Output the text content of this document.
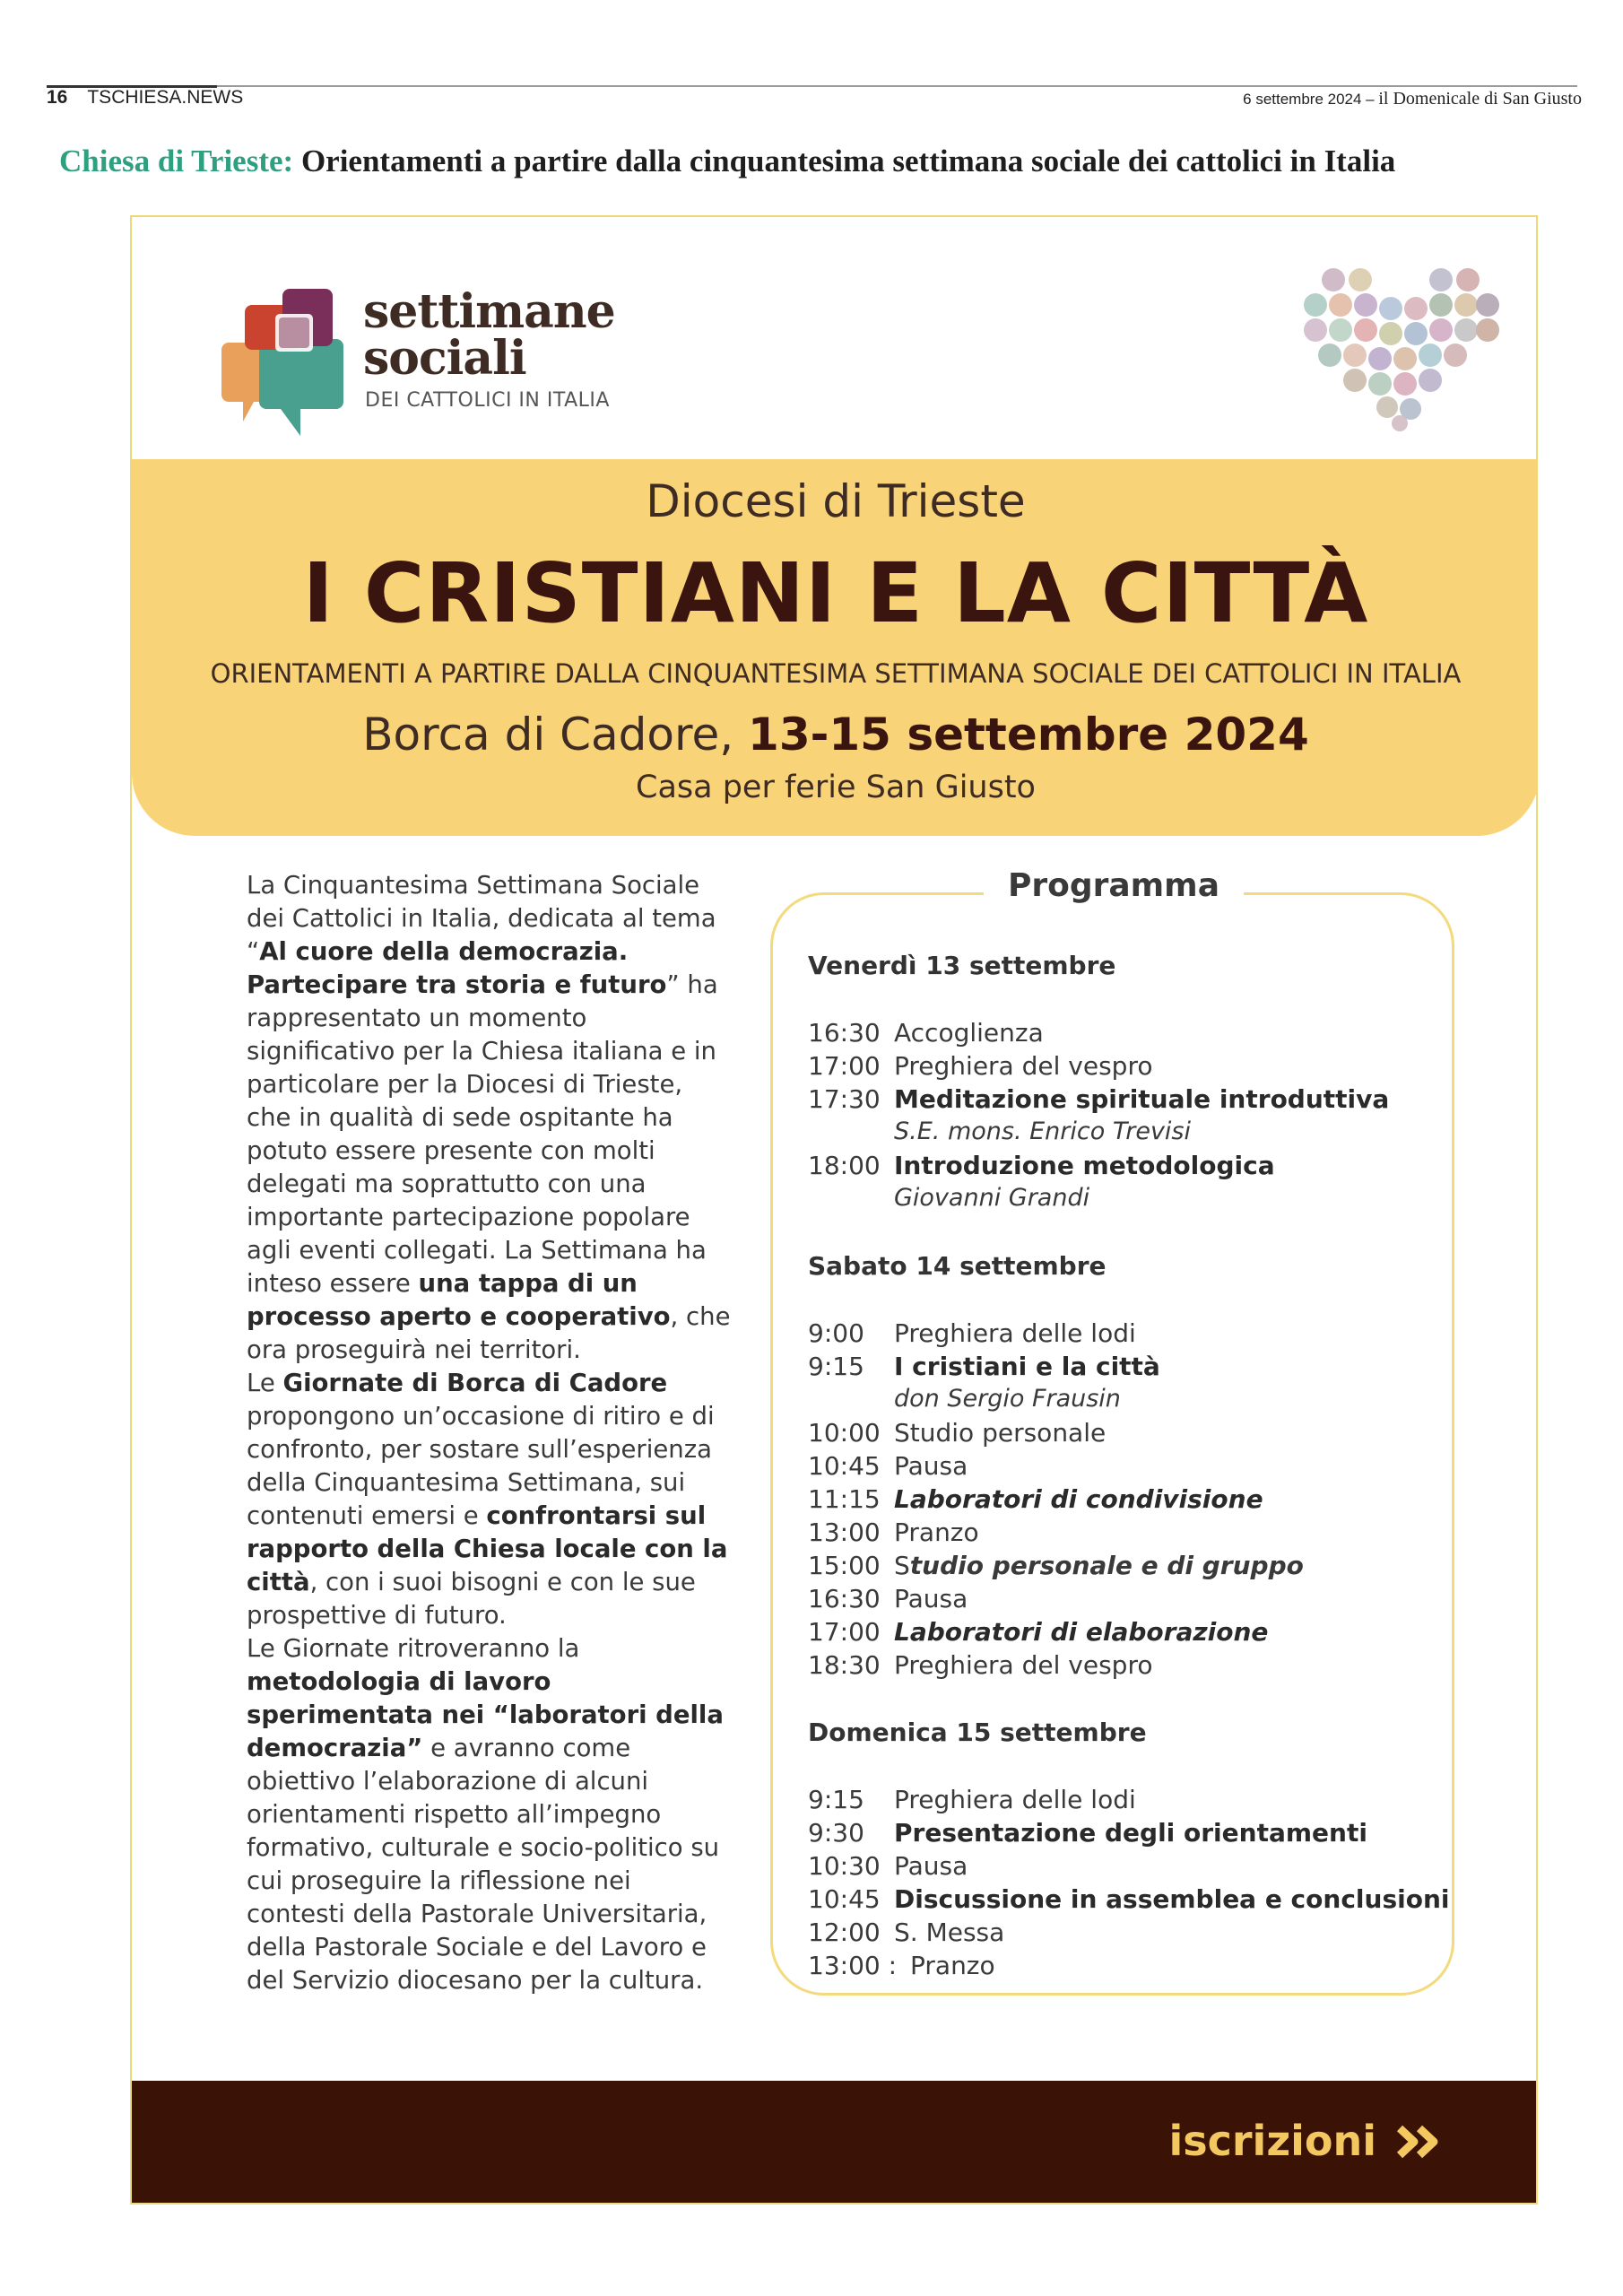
16 TSCHIESA.NEWS	6 settembre 2024 – il Domenicale di San Giusto
Chiesa di Trieste: Orientamenti a partire dalla cinquantesima settimana sociale dei cattolici in Italia
settimane
sociali
DEI CATTOLICI IN ITALIA
Diocesi di Trieste
I CRISTIANI E LA CITTÀ
ORIENTAMENTI A PARTIRE DALLA CINQUANTESIMA SETTIMANA SOCIALE DEI CATTOLICI IN ITALIA
Borca di Cadore, 13-15 settembre 2024
Casa per ferie San Giusto
La Cinquantesima Settimana Sociale dei Cattolici in Italia, dedicata al tema “Al cuore della democrazia. Partecipare tra storia e futuro” ha rappresentato un momento significativo per la Chiesa italiana e in particolare per la Diocesi di Trieste, che in qualità di sede ospitante ha potuto essere presente con molti delegati ma soprattutto con una importante partecipazione popolare agli eventi collegati. La Settimana ha inteso essere una tappa di un processo aperto e cooperativo, che ora proseguirà nei territori.
Le Giornate di Borca di Cadore propongono un’occasione di ritiro e di confronto, per sostare sull’esperienza della Cinquantesima Settimana, sui contenuti emersi e confrontarsi sul rapporto della Chiesa locale con la città, con i suoi bisogni e con le sue prospettive di futuro.
Le Giornate ritroveranno la metodologia di lavoro sperimentata nei “laboratori della democrazia” e avranno come obiettivo l’elaborazione di alcuni orientamenti rispetto all’impegno formativo, culturale e socio-politico su cui proseguire la riflessione nei contesti della Pastorale Universitaria, della Pastorale Sociale e del Lavoro e del Servizio diocesano per la cultura.
Programma
Venerdì 13 settembre
16:30 Accoglienza
17:00 Preghiera del vespro
17:30 Meditazione spirituale introduttiva
S.E. mons. Enrico Trevisi
18:00 Introduzione metodologica
Giovanni Grandi
Sabato 14 settembre
9:00 Preghiera delle lodi
9:15 I cristiani e la città
don Sergio Frausin
10:00 Studio personale
10:45 Pausa
11:15 Laboratori di condivisione
13:00 Pranzo
15:00 Studio personale e di gruppo
16:30 Pausa
17:00 Laboratori di elaborazione
18:30 Preghiera del vespro
Domenica 15 settembre
9:15 Preghiera delle lodi
9:30 Presentazione degli orientamenti
10:30 Pausa
10:45 Discussione in assemblea e conclusioni
12:00 S. Messa
13:00 : Pranzo
iscrizioni
